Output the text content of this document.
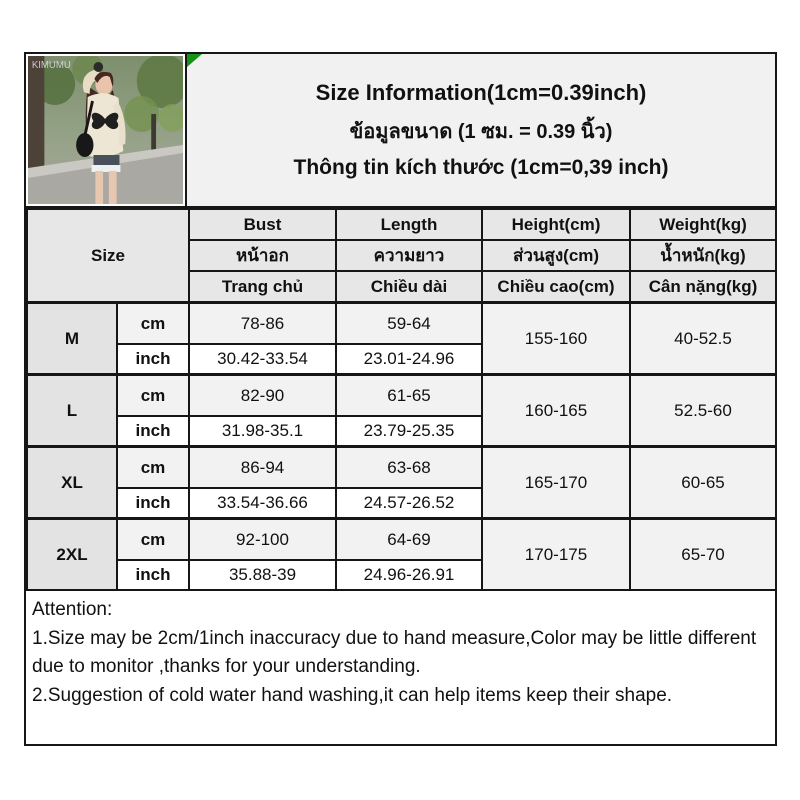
KIMUMU
Size Information(1cm=0.39inch)
ข้อมูลขนาด (1 ซม. = 0.39 นิ้ว)
Thông tin kích thước (1cm=0,39 inch)
Size		Bust	Length	Height(cm)	Weight(kg)
		หน้าอก	ความยาว	ส่วนสูง(cm)	น้ำหนัก(kg)
		Trang chủ	Chiều dài	Chiều cao(cm)	Cân nặng(kg)
M	cm	78-86	59-64	155-160	40-52.5
	inch	30.42-33.54	23.01-24.96		
L	cm	82-90	61-65	160-165	52.5-60
	inch	31.98-35.1	23.79-25.35		
XL	cm	86-94	63-68	165-170	60-65
	inch	33.54-36.66	24.57-26.52		
2XL	cm	92-100	64-69	170-175	65-70
	inch	35.88-39	24.96-26.91		

Attention:

1.Size may be 2cm/1inch inaccuracy due to hand measure,Color may be little different due to monitor ,thanks for your understanding.

2.Suggestion of cold water hand washing,it can help items keep their shape.
